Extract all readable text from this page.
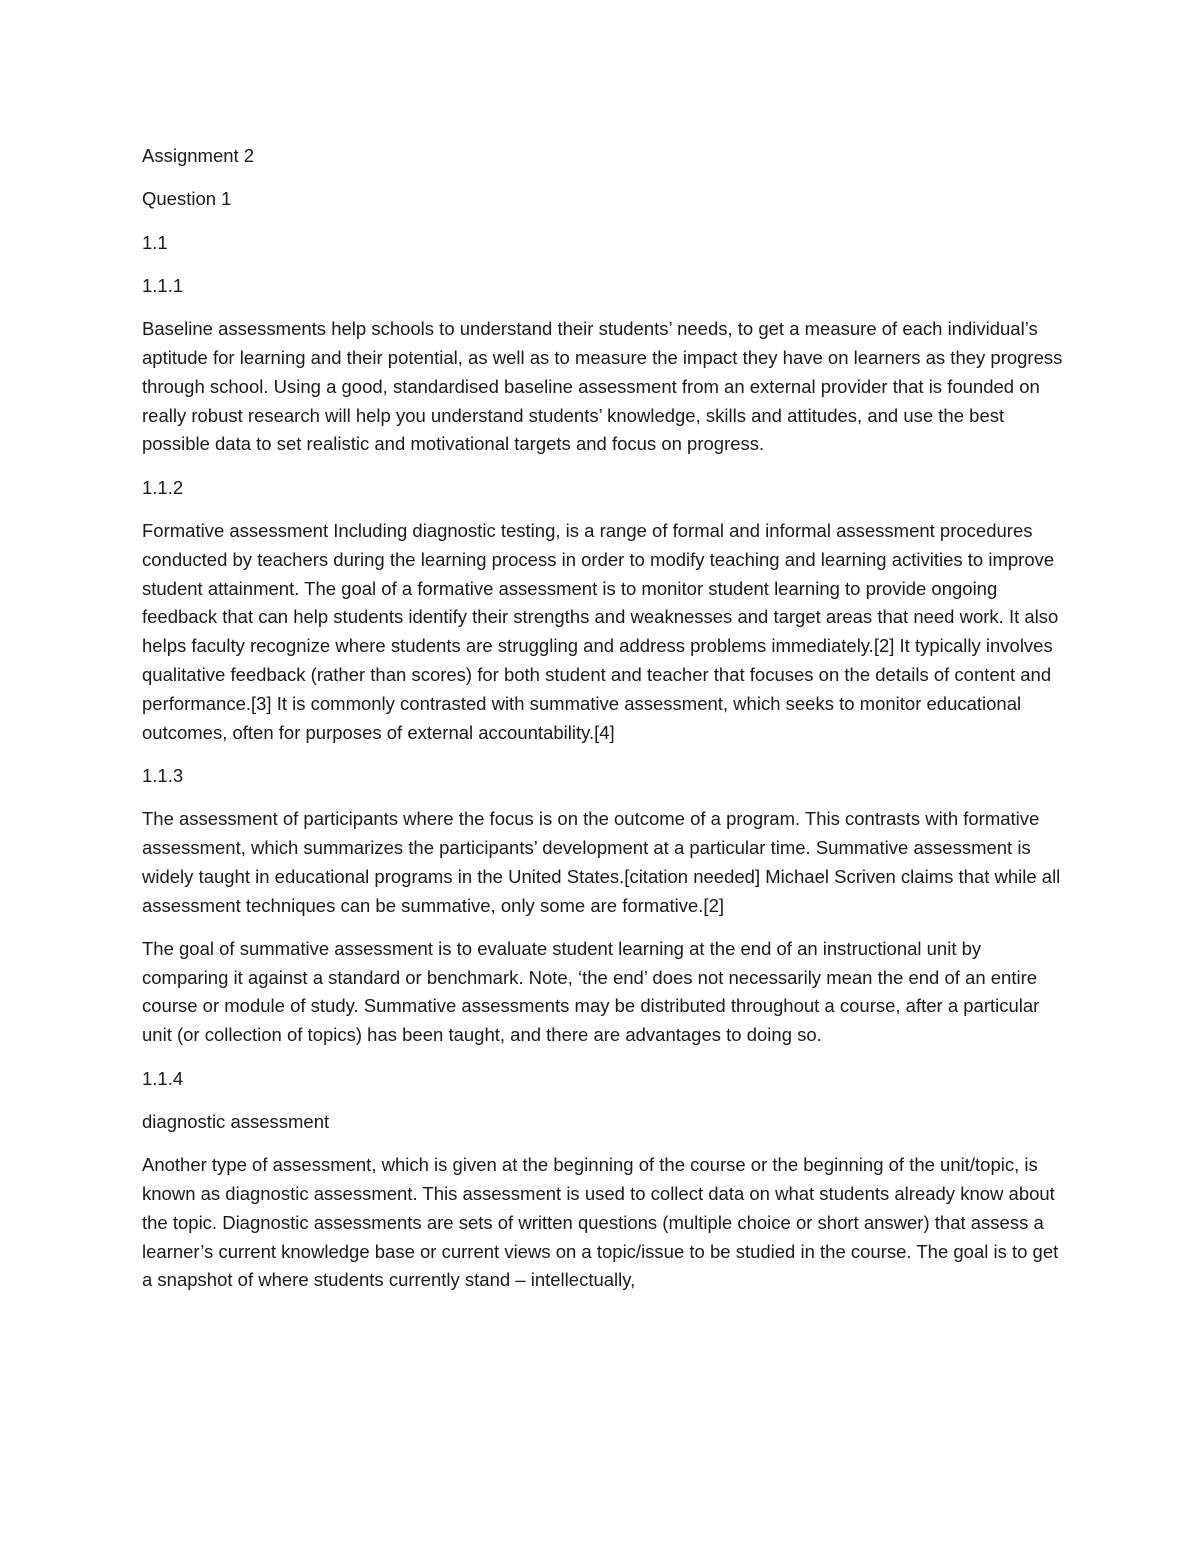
Assignment 2
Question 1
1.1
1.1.1
Baseline assessments help schools to understand their students’ needs, to get a measure of each individual’s aptitude for learning and their potential, as well as to measure the impact they have on learners as they progress through school. Using a good, standardised baseline assessment from an external provider that is founded on really robust research will help you understand students’ knowledge, skills and attitudes, and use the best possible data to set realistic and motivational targets and focus on progress.
1.1.2
Formative assessment Including diagnostic testing, is a range of formal and informal assessment procedures conducted by teachers during the learning process in order to modify teaching and learning activities to improve student attainment. The goal of a formative assessment is to monitor student learning to provide ongoing feedback that can help students identify their strengths and weaknesses and target areas that need work. It also helps faculty recognize where students are struggling and address problems immediately.[2] It typically involves qualitative feedback (rather than scores) for both student and teacher that focuses on the details of content and performance.[3] It is commonly contrasted with summative assessment, which seeks to monitor educational outcomes, often for purposes of external accountability.[4]
1.1.3
The assessment of participants where the focus is on the outcome of a program. This contrasts with formative assessment, which summarizes the participants’ development at a particular time. Summative assessment is widely taught in educational programs in the United States.[citation needed] Michael Scriven claims that while all assessment techniques can be summative, only some are formative.[2]
The goal of summative assessment is to evaluate student learning at the end of an instructional unit by comparing it against a standard or benchmark. Note, ‘the end’ does not necessarily mean the end of an entire course or module of study. Summative assessments may be distributed throughout a course, after a particular unit (or collection of topics) has been taught, and there are advantages to doing so.
1.1.4
diagnostic assessment
Another type of assessment, which is given at the beginning of the course or the beginning of the unit/topic, is known as diagnostic assessment. This assessment is used to collect data on what students already know about the topic. Diagnostic assessments are sets of written questions (multiple choice or short answer) that assess a learner’s current knowledge base or current views on a topic/issue to be studied in the course. The goal is to get a snapshot of where students currently stand – intellectually,
